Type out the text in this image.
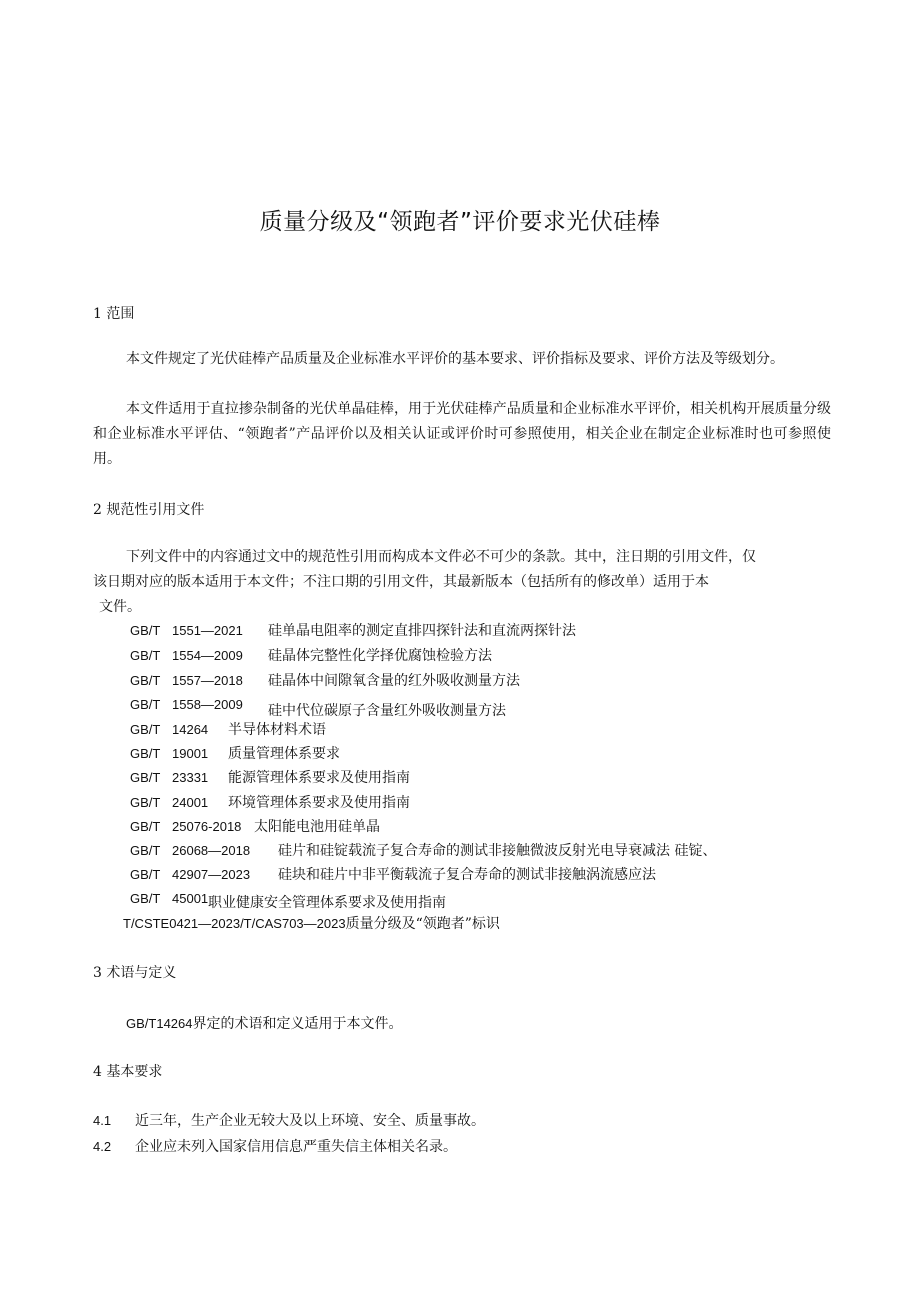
质量分级及“领跑者”评价要求光伏硅棒
1 范围
本文件规定了光伏硅棒产品质量及企业标准水平评价的基本要求、评价指标及要求、评价方法及等级划分。
本文件适用于直拉掺杂制备的光伏单晶硅棒，用于光伏硅棒产品质量和企业标准水平评价，相关机构开展质量分级和企业标准水平评估、“领跑者”产品评价以及相关认证或评价时可参照使用，相关企业在制定企业标准时也可参照使用。
2 规范性引用文件
下列文件中的内容通过文中的规范性引用而构成本文件必不可少的条款。其中，注日期的引用文件，仅
该日期对应的版本适用于本文件；不注口期的引用文件，其最新版本（包括所有的修改单）适用于本
文件。
GB/T 1551—2021 硅单晶电阻率的测定直排四探针法和直流两探针法
GB/T 1554—2009 硅晶体完整性化学择优腐蚀检验方法
GB/T 1557—2018 硅晶体中间隙氧含量的红外吸收测量方法
GB/T 1558—2009 硅中代位碳原子含量红外吸收测量方法
GB/T 14264 半导体材料术语
GB/T 19001 质量管理体系要求
GB/T 23331 能源管理体系要求及使用指南
GB/T 24001 环境管理体系要求及使用指南
GB/T 25076-2018 太阳能电池用硅单晶
GB/T 26068—2018 硅片和硅锭载流子复合寿命的测试非接触微波反射光电导衰减法 硅锭、
GB/T 42907—2023 硅块和硅片中非平衡载流子复合寿命的测试非接触涡流感应法
GB/T 45001职业健康安全管理体系要求及使用指南
T/CSTE0421—2023/T/CAS703—2023质量分级及“领跑者”标识
3 术语与定义
GB/T14264界定的术语和定义适用于本文件。
4 基本要求
4.1 近三年，生产企业无较大及以上环境、安全、质量事故。
4.2 企业应未列入国家信用信息严重失信主体相关名录。
